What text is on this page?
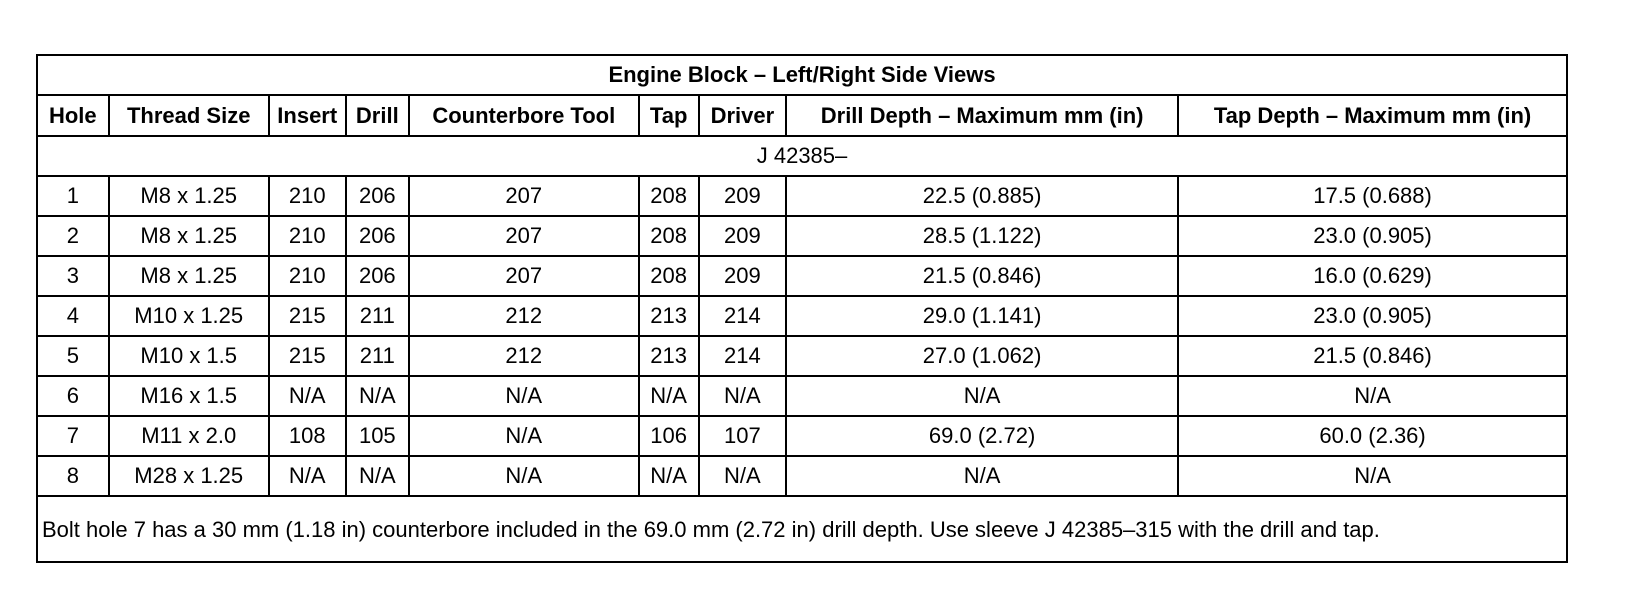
Engine Block – Left/Right Side Views								
Hole	Thread Size	Insert	Drill	Counterbore Tool	Tap	Driver	Drill Depth – Maximum mm (in)	Tap Depth – Maximum mm (in)
J 42385–								
1	M8 x 1.25	210	206	207	208	209	22.5 (0.885)	17.5 (0.688)
2	M8 x 1.25	210	206	207	208	209	28.5 (1.122)	23.0 (0.905)
3	M8 x 1.25	210	206	207	208	209	21.5 (0.846)	16.0 (0.629)
4	M10 x 1.25	215	211	212	213	214	29.0 (1.141)	23.0 (0.905)
5	M10 x 1.5	215	211	212	213	214	27.0 (1.062)	21.5 (0.846)
6	M16 x 1.5	N/A	N/A	N/A	N/A	N/A	N/A	N/A
7	M11 x 2.0	108	105	N/A	106	107	69.0 (2.72)	60.0 (2.36)
8	M28 x 1.25	N/A	N/A	N/A	N/A	N/A	N/A	N/A
Bolt hole 7 has a 30 mm (1.18 in) counterbore included in the 69.0 mm (2.72 in) drill depth. Use sleeve J 42385–315 with the drill and tap.								
